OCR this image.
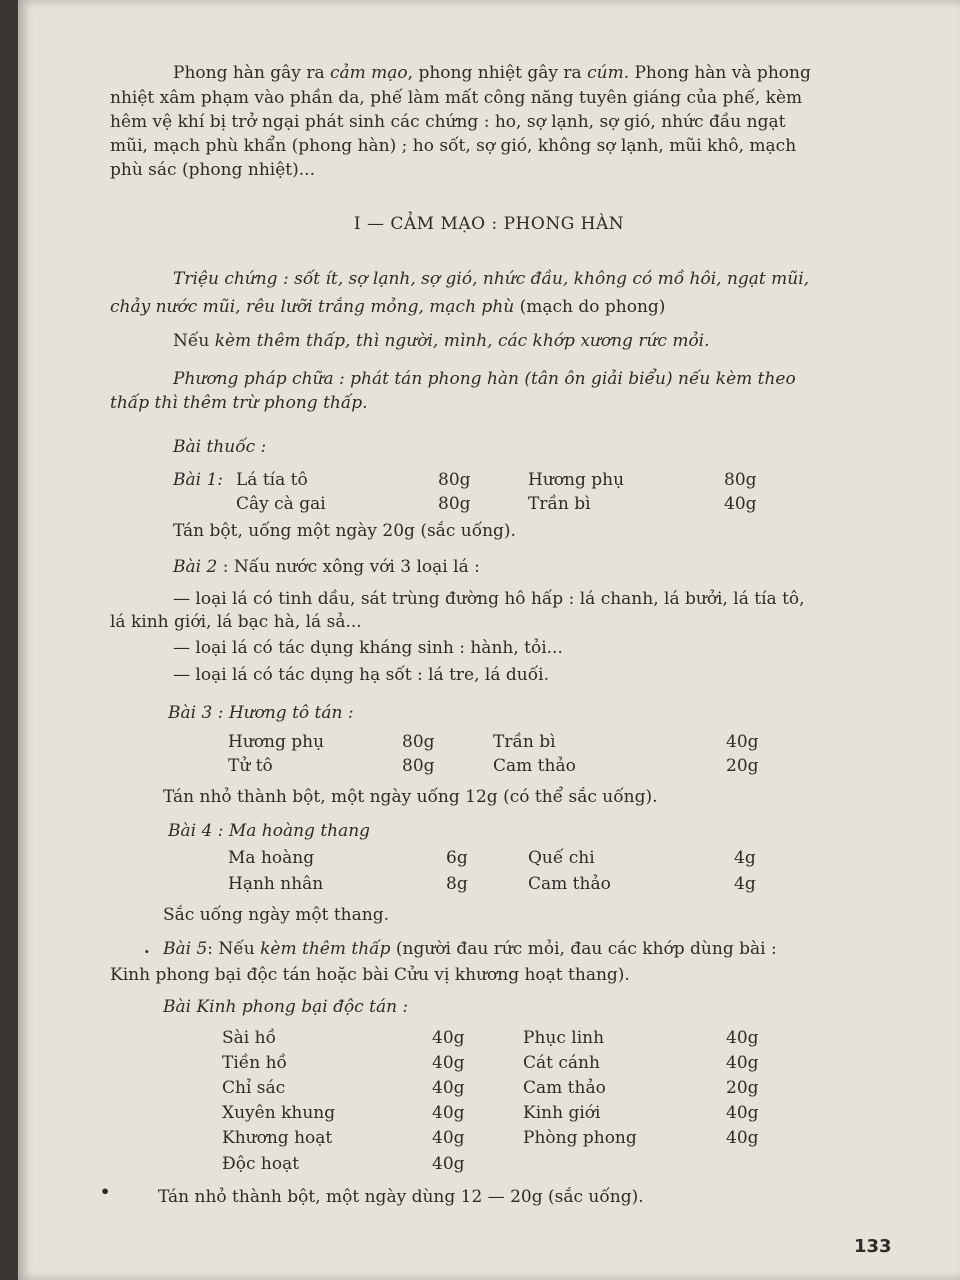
Phong hàn gây ra cảm mạo, phong nhiệt gây ra cúm. Phong hàn và phong
nhiệt xâm phạm vào phần da, phế làm mất công năng tuyên giáng của phế, kèm
hêm vệ khí bị trở ngại phát sinh các chứng : ho, sợ lạnh, sợ gió, nhức đầu ngạt
mũi, mạch phù khẩn (phong hàn) ; ho sốt, sợ gió, không sợ lạnh, mũi khô, mạch
phù sác (phong nhiệt)...
I — CẢM MẠO : PHONG HÀN
Triệu chứng : sốt ít, sợ lạnh, sợ gió, nhức đầu, không có mồ hôi, ngạt mũi,
chảy nước mũi, rêu lưỡi trắng mỏng, mạch phù (mạch do phong)
Nếu kèm thêm thấp, thì người, mình, các khớp xương rức mỏi.
Phương pháp chữa : phát tán phong hàn (tân ôn giải biểu) nếu kèm theo
thấp thì thêm trừ phong thấp.
Bài thuốc :
Bài 1: Lá tía tô	80g	Hương phụ	80g
Cây cà gai	80g	Trần bì	40g
Tán bột, uống một ngày 20g (sắc uống).
Bài 2 : Nấu nước xông với 3 loại lá :
— loại lá có tinh dầu, sát trùng đường hô hấp : lá chanh, lá bưởi, lá tía tô,
lá kinh giới, lá bạc hà, lá sả...
— loại lá có tác dụng kháng sinh : hành, tỏi...
— loại lá có tác dụng hạ sốt : lá tre, lá duối.
Bài 3 : Hương tô tán :
Hương phụ	80g	Trần bì	40g
Tử tô	80g	Cam thảo	20g
Tán nhỏ thành bột, một ngày uống 12g (có thể sắc uống).
Bài 4 : Ma hoàng thang
Ma hoàng	6g	Quế chi	4g
Hạnh nhân	8g	Cam thảo	4g
Sắc uống ngày một thang.
. Bài 5: Nếu kèm thêm thấp (người đau rức mỏi, đau các khớp dùng bài :
Kinh phong bại độc tán hoặc bài Cửu vị khương hoạt thang).
Bài Kinh phong bại độc tán :
Sài hồ	40g	Phục linh	40g
Tiền hồ	40g	Cát cánh	40g
Chỉ sác	40g	Cam thảo	20g
Xuyên khung	40g	Kinh giới	40g
Khương hoạt	40g	Phòng phong	40g
Độc hoạt	40g
•	Tán nhỏ thành bột, một ngày dùng 12 — 20g (sắc uống).
133
